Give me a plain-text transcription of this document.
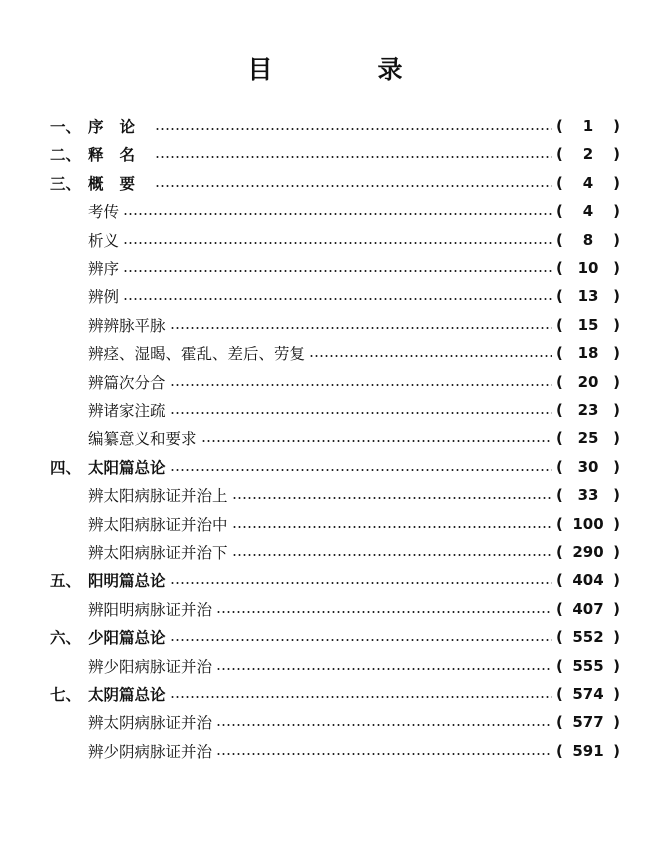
目　录
一、 序论	(	1	)
二、 释名	(	2	)
三、 概要	(	4	)
考传	(	4	)
析义	(	8	)
辨序	( 10 )
辨例	( 13 )
辨辨脉平脉	( 15 )
辨痉、湿暍、霍乱、差后、劳复	( 18 )
辨篇次分合	( 20 )
辨诸家注疏	( 23 )
编纂意义和要求	( 25 )
四、 太阳篇总论	( 30 )
辨太阳病脉证并治上	( 33 )
辨太阳病脉证并治中	( 100 )
辨太阳病脉证并治下	( 290 )
五、 阳明篇总论	( 404 )
辨阳明病脉证并治	( 407 )
六、 少阳篇总论	( 552 )
辨少阳病脉证并治	( 555 )
七、 太阴篇总论	( 574 )
辨太阴病脉证并治	( 577 )
辨少阴病脉证并治	( 591 )
